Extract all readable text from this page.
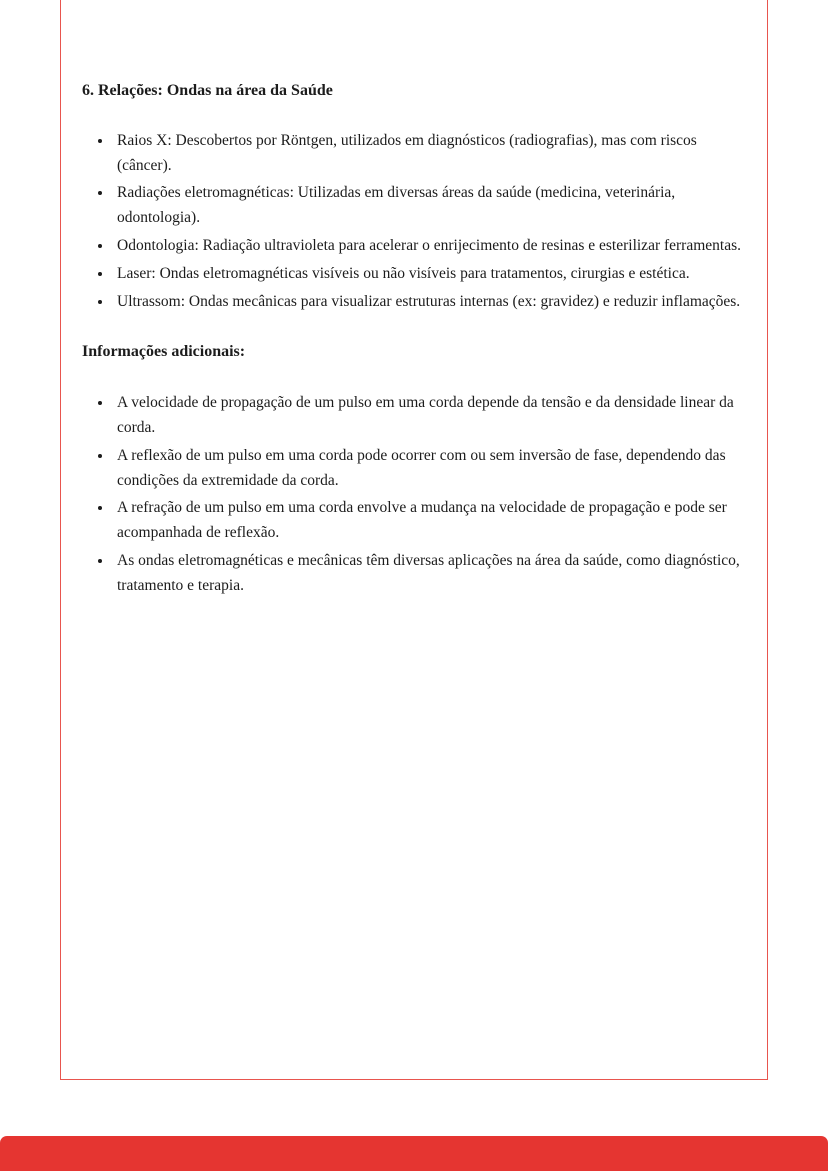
6. Relações: Ondas na área da Saúde
• Raios X: Descobertos por Röntgen, utilizados em diagnósticos (radiografias), mas com riscos (câncer).
• Radiações eletromagnéticas: Utilizadas em diversas áreas da saúde (medicina, veterinária, odontologia).
• Odontologia: Radiação ultravioleta para acelerar o enrijecimento de resinas e esterilizar ferramentas.
• Laser: Ondas eletromagnéticas visíveis ou não visíveis para tratamentos, cirurgias e estética.
• Ultrassom: Ondas mecânicas para visualizar estruturas internas (ex: gravidez) e reduzir inflamações.
Informações adicionais:
• A velocidade de propagação de um pulso em uma corda depende da tensão e da densidade linear da corda.
• A reflexão de um pulso em uma corda pode ocorrer com ou sem inversão de fase, dependendo das condições da extremidade da corda.
• A refração de um pulso em uma corda envolve a mudança na velocidade de propagação e pode ser acompanhada de reflexão.
• As ondas eletromagnéticas e mecânicas têm diversas aplicações na área da saúde, como diagnóstico, tratamento e terapia.
